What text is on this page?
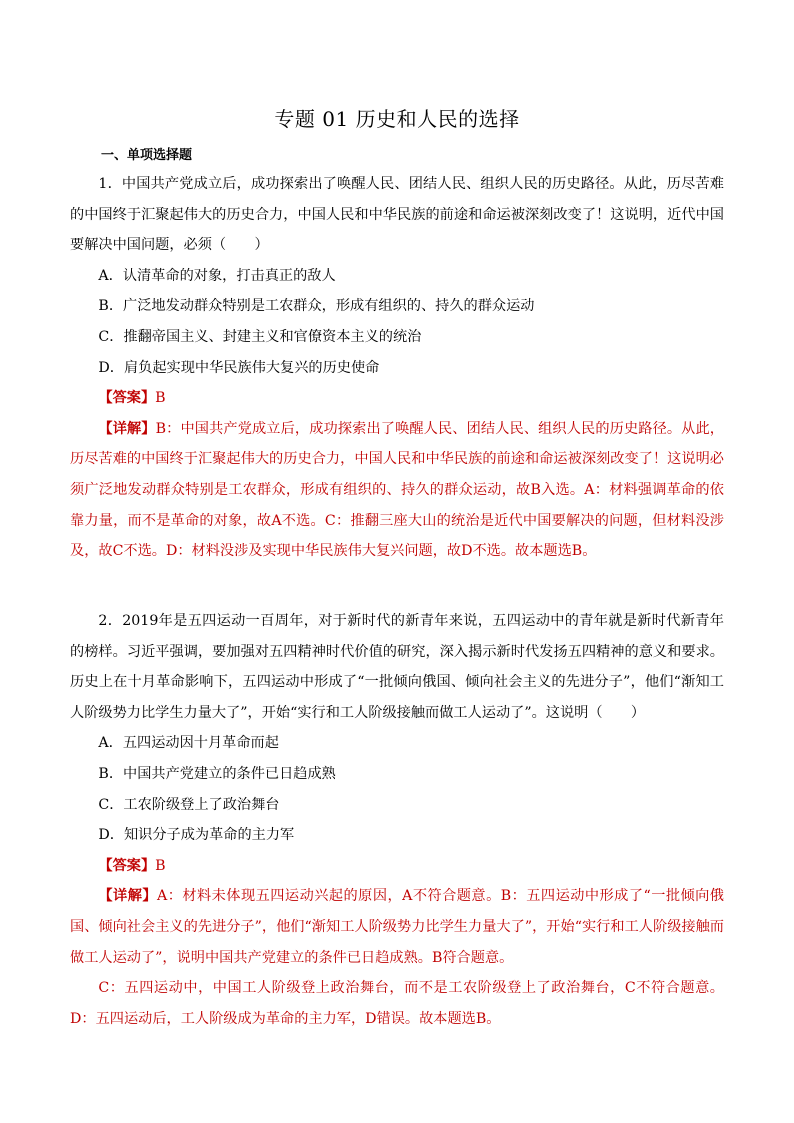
专题 01 历史和人民的选择
一、单项选择题

1．中国共产党成立后，成功探索出了唤醒人民、团结人民、组织人民的历史路径。从此，历尽苦难的中国终于汇聚起伟大的历史合力，中国人民和中华民族的前途和命运被深刻改变了！这说明，近代中国要解决中国问题，必须（　　）

A．认清革命的对象，打击真正的敌人

B．广泛地发动群众特别是工农群众，形成有组织的、持久的群众运动

C．推翻帝国主义、封建主义和官僚资本主义的统治

D．肩负起实现中华民族伟大复兴的历史使命

【答案】B

【详解】B：中国共产党成立后，成功探索出了唤醒人民、团结人民、组织人民的历史路径。从此，历尽苦难的中国终于汇聚起伟大的历史合力，中国人民和中华民族的前途和命运被深刻改变了！这说明必须广泛地发动群众特别是工农群众，形成有组织的、持久的群众运动，故B入选。A：材料强调革命的依靠力量，而不是革命的对象，故A不选。C：推翻三座大山的统治是近代中国要解决的问题，但材料没涉及，故C不选。D：材料没涉及实现中华民族伟大复兴问题，故D不选。故本题选B。

2．2019年是五四运动一百周年，对于新时代的新青年来说，五四运动中的青年就是新时代新青年的榜样。习近平强调，要加强对五四精神时代价值的研究，深入揭示新时代发扬五四精神的意义和要求。历史上在十月革命影响下，五四运动中形成了“一批倾向俄国、倾向社会主义的先进分子”，他们“渐知工人阶级势力比学生力量大了”，开始“实行和工人阶级接触而做工人运动了”。这说明（　　）

A．五四运动因十月革命而起

B．中国共产党建立的条件已日趋成熟

C．工农阶级登上了政治舞台

D．知识分子成为革命的主力军

【答案】B

【详解】A：材料未体现五四运动兴起的原因，A不符合题意。B：五四运动中形成了“一批倾向俄国、倾向社会主义的先进分子”，他们“渐知工人阶级势力比学生力量大了”，开始“实行和工人阶级接触而做工人运动了”，说明中国共产党建立的条件已日趋成熟。B符合题意。

C：五四运动中，中国工人阶级登上政治舞台，而不是工农阶级登上了政治舞台，C不符合题意。D：五四运动后，工人阶级成为革命的主力军，D错误。故本题选B。
